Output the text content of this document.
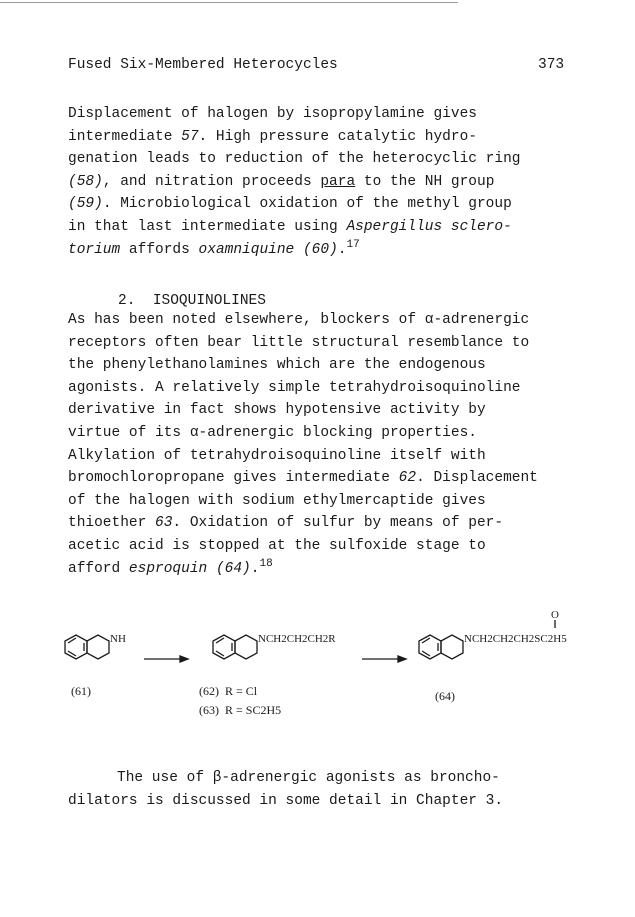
Fused Six-Membered Heterocycles	373
Displacement of halogen by isopropylamine gives
intermediate 57. High pressure catalytic hydro-
genation leads to reduction of the heterocyclic ring
(58), and nitration proceeds para to the NH group
(59). Microbiological oxidation of the methyl group
in that last intermediate using Aspergillus sclero-
torium affords oxamniquine (60).$^{17}$
2. ISOQUINOLINES
As has been noted elsewhere, blockers of α-adrenergic
receptors often bear little structural resemblance to
the phenylethanolamines which are the endogenous
agonists. A relatively simple tetrahydroisoquinoline
derivative in fact shows hypotensive activity by
virtue of its α-adrenergic blocking properties.
Alkylation of tetrahydroisoquinoline itself with
bromochloropropane gives intermediate 62. Displacement
of the halogen with sodium ethylmercaptide gives
thioether 63. Oxidation of sulfur by means of per-
acetic acid is stopped at the sulfoxide stage to
afford esproquin (64).$^{18}$
NH	NCH2CH2CH2R
O
NCH2CH2CH2SC2H5
(61)	(62) R = Cl
(63) R = SC2H5
(64)
The use of β-adrenergic agonists as broncho-
dilators is discussed in some detail in Chapter 3.
